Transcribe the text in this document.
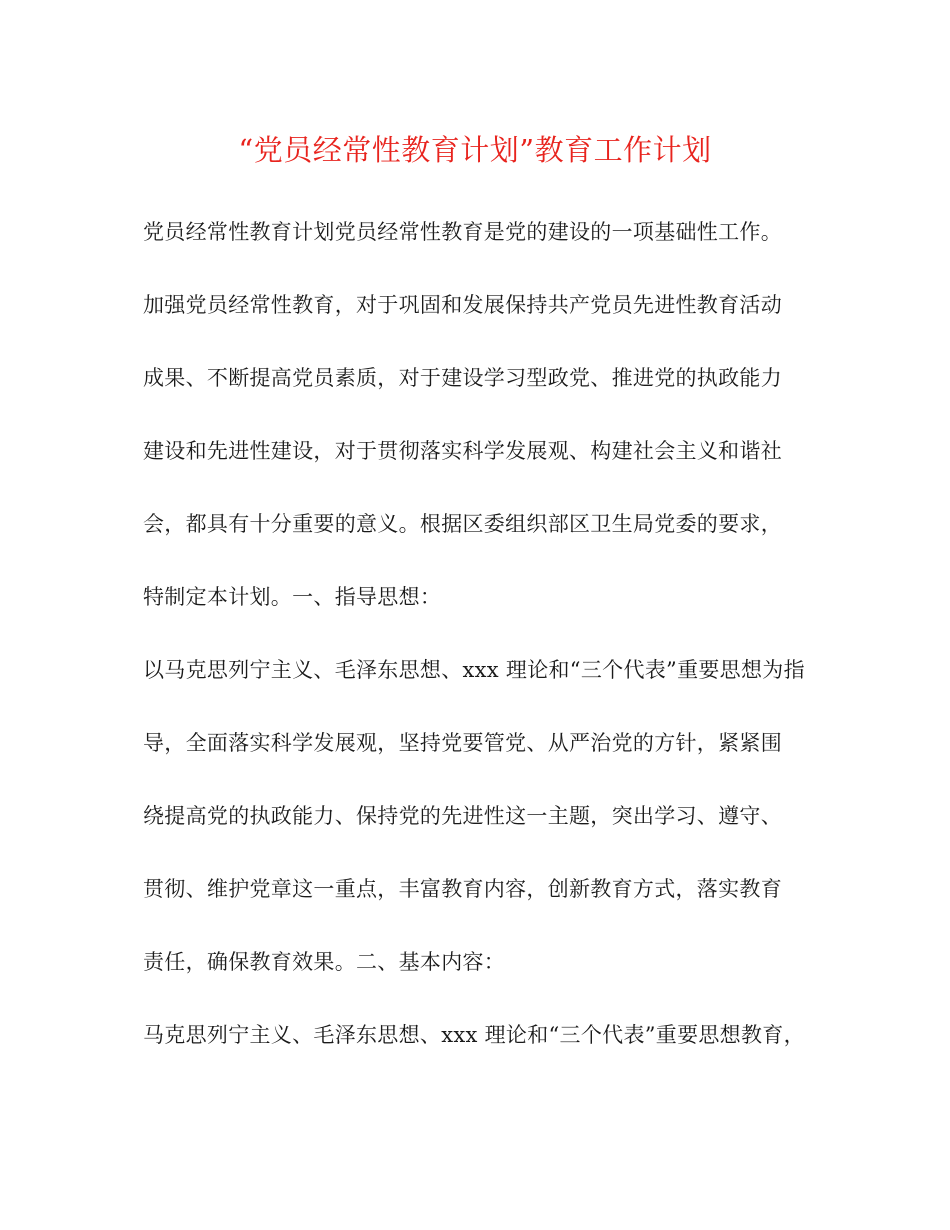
“党员经常性教育计划”教育工作计划
党员经常性教育计划党员经常性教育是党的建设的一项基础性工作。
加强党员经常性教育，对于巩固和发展保持共产党员先进性教育活动
成果、不断提高党员素质，对于建设学习型政党、推进党的执政能力
建设和先进性建设，对于贯彻落实科学发展观、构建社会主义和谐社
会，都具有十分重要的意义。根据区委组织部区卫生局党委的要求，
特制定本计划。一、指导思想：
以马克思列宁主义、毛泽东思想、xxx 理论和“三个代表”重要思想为指
导，全面落实科学发展观，坚持党要管党、从严治党的方针，紧紧围
绕提高党的执政能力、保持党的先进性这一主题，突出学习、遵守、
贯彻、维护党章这一重点，丰富教育内容，创新教育方式，落实教育
责任，确保教育效果。二、基本内容：
马克思列宁主义、毛泽东思想、xxx 理论和“三个代表”重要思想教育，
